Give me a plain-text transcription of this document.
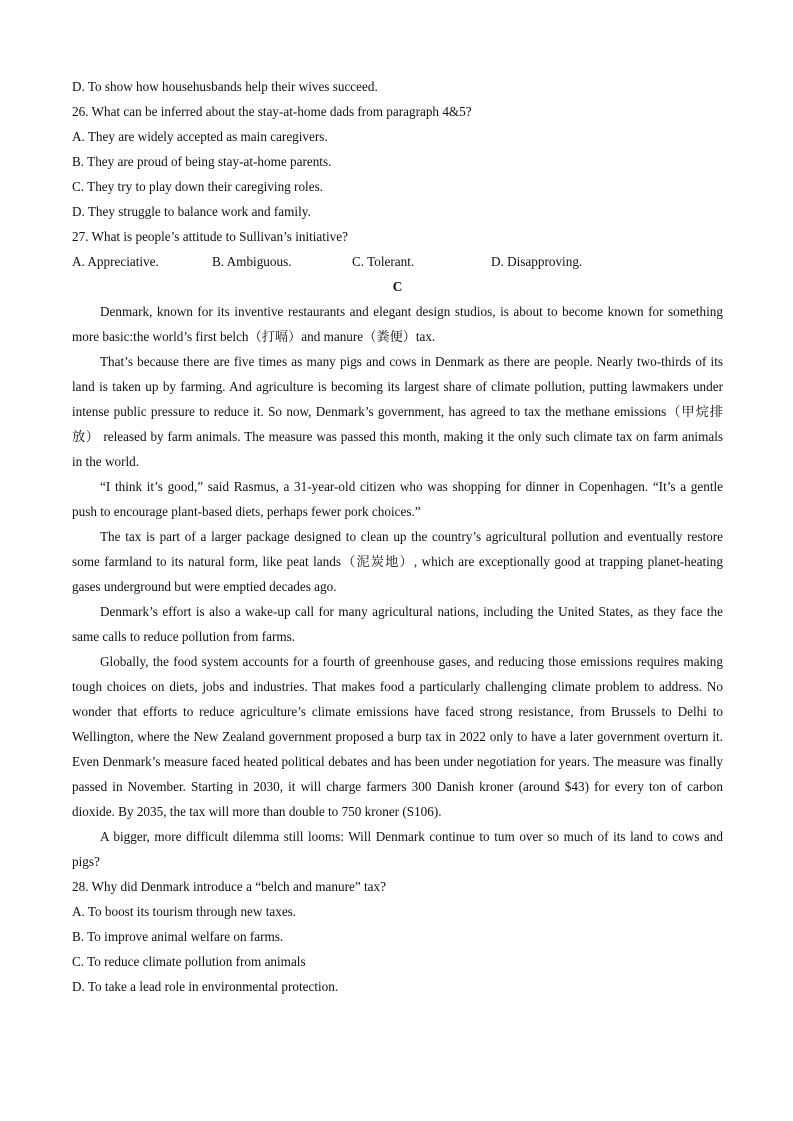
D. To show how househusbands help their wives succeed.
26. What can be inferred about the stay-at-home dads from paragraph 4&5?
A. They are widely accepted as main caregivers.
B. They are proud of being stay-at-home parents.
C. They try to play down their caregiving roles.
D. They struggle to balance work and family.
27. What is people’s attitude to Sullivan’s initiative?
A. Appreciative.	B. Ambiguous.	C. Tolerant.	D. Disapproving.
C

Denmark, known for its inventive restaurants and elegant design studios, is about to become known for something more basic:the world’s first belch（打嗝）and manure（粪便）tax.

That’s because there are five times as many pigs and cows in Denmark as there are people. Nearly two-thirds of its land is taken up by farming. And agriculture is becoming its largest share of climate pollution, putting lawmakers under intense public pressure to reduce it. So now, Denmark’s government, has agreed to tax the methane emissions（甲烷排放） released by farm animals. The measure was passed this month, making it the only such climate tax on farm animals in the world.

“I think it’s good,” said Rasmus, a 31-year-old citizen who was shopping for dinner in Copenhagen. “It’s a gentle push to encourage plant-based diets, perhaps fewer pork choices.”

The tax is part of a larger package designed to clean up the country’s agricultural pollution and eventually restore some farmland to its natural form, like peat lands（泥炭地）, which are exceptionally good at trapping planet-heating gases underground but were emptied decades ago.

Denmark’s effort is also a wake-up call for many agricultural nations, including the United States, as they face the same calls to reduce pollution from farms.

Globally, the food system accounts for a fourth of greenhouse gases, and reducing those emissions requires making tough choices on diets, jobs and industries. That makes food a particularly challenging climate problem to address. No wonder that efforts to reduce agriculture’s climate emissions have faced strong resistance, from Brussels to Delhi to Wellington, where the New Zealand government proposed a burp tax in 2022 only to have a later government overturn it. Even Denmark’s measure faced heated political debates and has been under negotiation for years. The measure was finally passed in November. Starting in 2030, it will charge farmers 300 Danish kroner (around $43) for every ton of carbon dioxide. By 2035, the tax will more than double to 750 kroner (S106).

A bigger, more difficult dilemma still looms: Will Denmark continue to tum over so much of its land to cows and pigs?

28. Why did Denmark introduce a “belch and manure” tax?
A. To boost its tourism through new taxes.
B. To improve animal welfare on farms.
C. To reduce climate pollution from animals
D. To take a lead role in environmental protection.
